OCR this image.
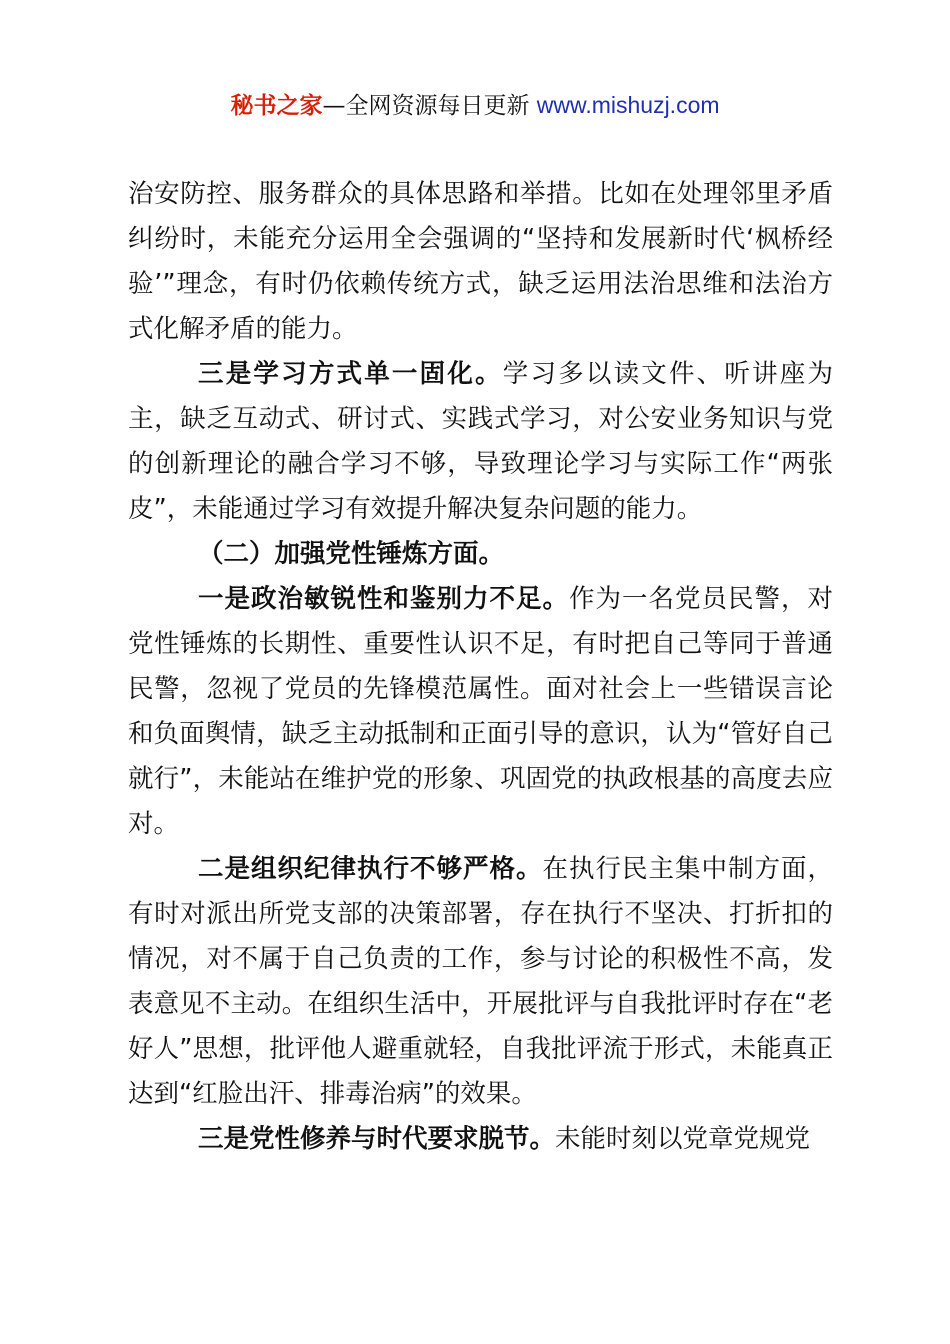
秘书之家—全网资源每日更新 www.mishuzj.com

治安防控、服务群众的具体思路和举措。比如在处理邻里矛盾纠纷时，未能充分运用全会强调的“坚持和发展新时代‘枫桥经验’”理念，有时仍依赖传统方式，缺乏运用法治思维和法治方式化解矛盾的能力。

三是学习方式单一固化。学习多以读文件、听讲座为主，缺乏互动式、研讨式、实践式学习，对公安业务知识与党的创新理论的融合学习不够，导致理论学习与实际工作“两张皮”，未能通过学习有效提升解决复杂问题的能力。

（二）加强党性锤炼方面。

一是政治敏锐性和鉴别力不足。作为一名党员民警，对党性锤炼的长期性、重要性认识不足，有时把自己等同于普通民警，忽视了党员的先锋模范属性。面对社会上一些错误言论和负面舆情，缺乏主动抵制和正面引导的意识，认为“管好自己就行”，未能站在维护党的形象、巩固党的执政根基的高度去应对。

二是组织纪律执行不够严格。在执行民主集中制方面，有时对派出所党支部的决策部署，存在执行不坚决、打折扣的情况，对不属于自己负责的工作，参与讨论的积极性不高，发表意见不主动。在组织生活中，开展批评与自我批评时存在“老好人”思想，批评他人避重就轻，自我批评流于形式，未能真正达到“红脸出汗、排毒治病”的效果。

三是党性修养与时代要求脱节。未能时刻以党章党规党
